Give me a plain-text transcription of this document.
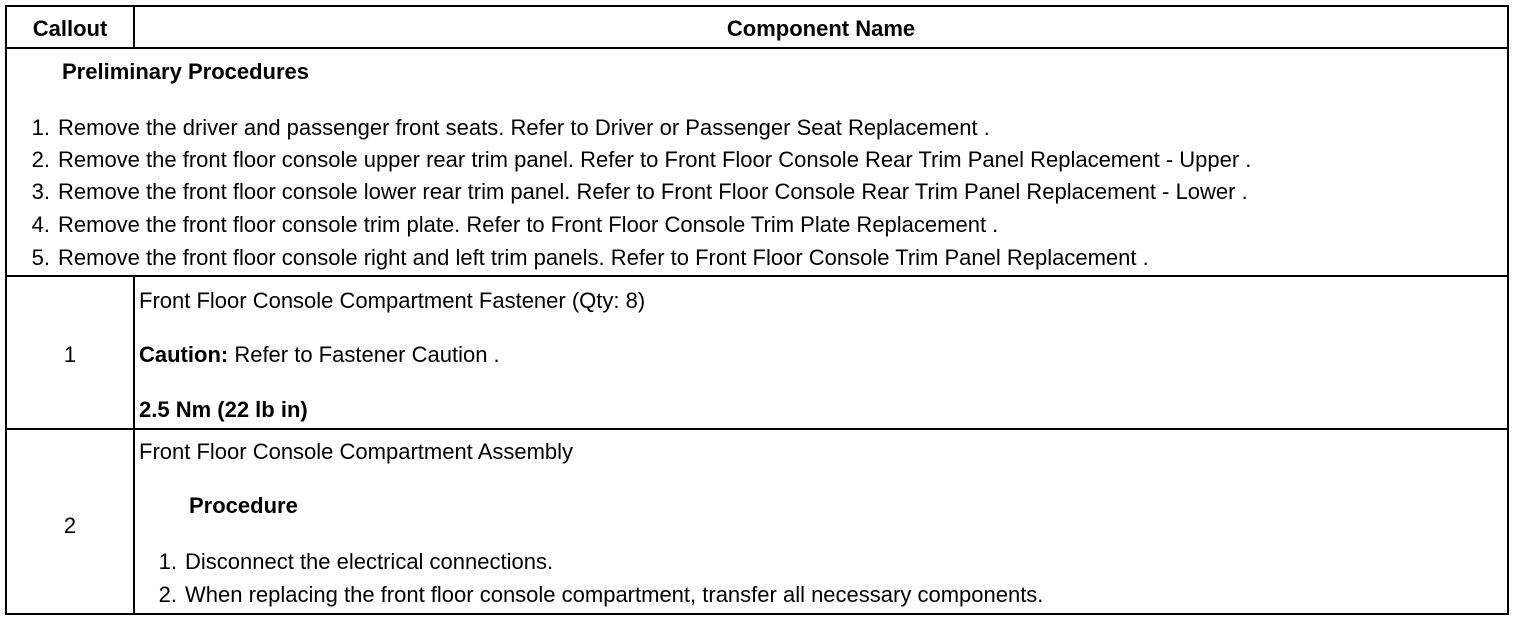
Callout	Component Name
Preliminary Procedures
1. Remove the driver and passenger front seats. Refer to Driver or Passenger Seat Replacement .
2. Remove the front floor console upper rear trim panel. Refer to Front Floor Console Rear Trim Panel Replacement - Upper .
3. Remove the front floor console lower rear trim panel. Refer to Front Floor Console Rear Trim Panel Replacement - Lower .
4. Remove the front floor console trim plate. Refer to Front Floor Console Trim Plate Replacement .
5. Remove the front floor console right and left trim panels. Refer to Front Floor Console Trim Panel Replacement .
1
Front Floor Console Compartment Fastener (Qty: 8)
Caution: Refer to Fastener Caution .
2.5 Nm (22 lb in)
2
Front Floor Console Compartment Assembly
Procedure
1. Disconnect the electrical connections.
2. When replacing the front floor console compartment, transfer all necessary components.
